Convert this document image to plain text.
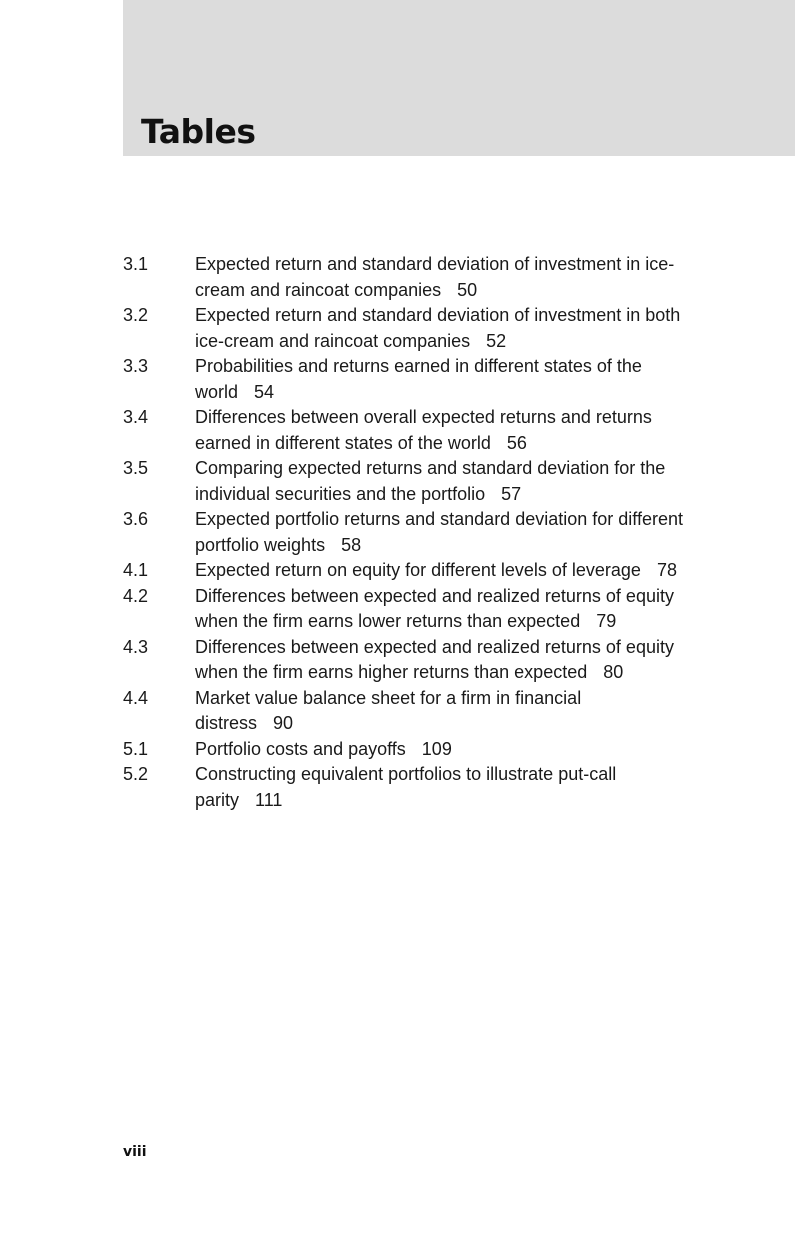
Tables
3.1	Expected return and standard deviation of investment in ice-cream and raincoat companies 50
3.2	Expected return and standard deviation of investment in both ice-cream and raincoat companies 52
3.3	Probabilities and returns earned in different states of the world 54
3.4	Differences between overall expected returns and returns earned in different states of the world 56
3.5	Comparing expected returns and standard deviation for the individual securities and the portfolio 57
3.6	Expected portfolio returns and standard deviation for different portfolio weights 58
4.1	Expected return on equity for different levels of leverage 78
4.2	Differences between expected and realized returns of equity when the firm earns lower returns than expected 79
4.3	Differences between expected and realized returns of equity when the firm earns higher returns than expected 80
4.4	Market value balance sheet for a firm in financial distress 90
5.1	Portfolio costs and payoffs 109
5.2	Constructing equivalent portfolios to illustrate put-call parity 111
viii
